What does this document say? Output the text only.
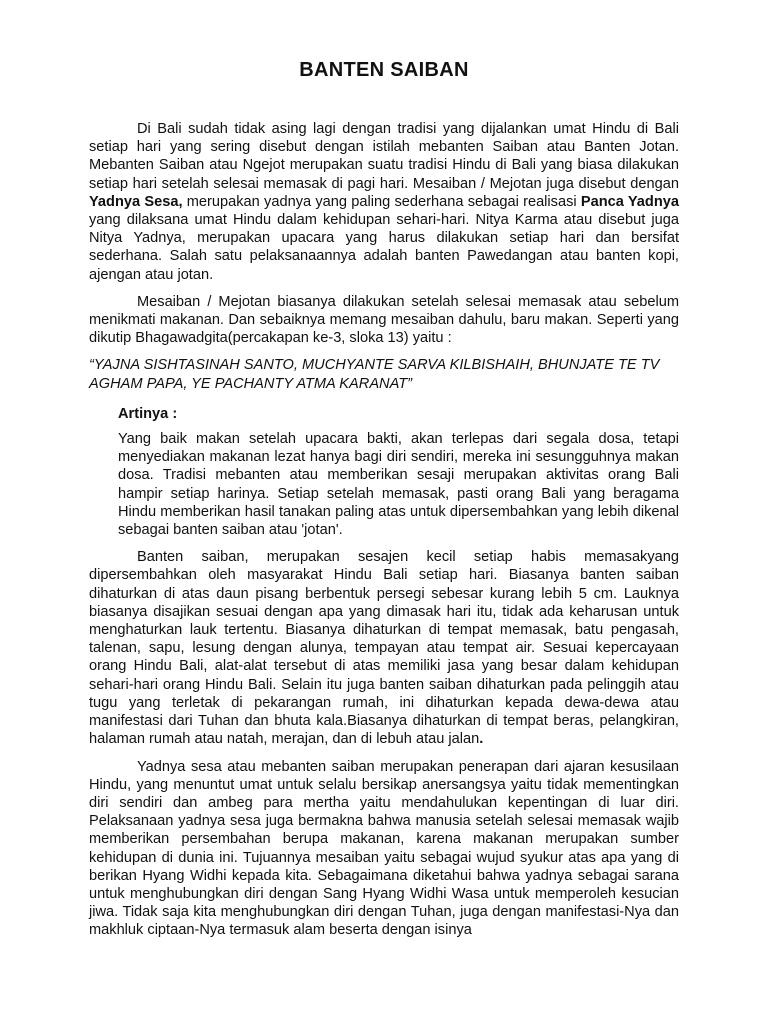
BANTEN SAIBAN

Di Bali sudah tidak asing lagi dengan tradisi yang dijalankan umat Hindu di Bali setiap hari yang sering disebut dengan istilah mebanten Saiban atau Banten Jotan. Mebanten Saiban atau Ngejot merupakan suatu tradisi Hindu di Bali yang biasa dilakukan setiap hari setelah selesai memasak di pagi hari. Mesaiban / Mejotan juga disebut dengan Yadnya Sesa, merupakan yadnya yang paling sederhana sebagai realisasi Panca Yadnya yang dilaksana umat Hindu dalam kehidupan sehari-hari. Nitya Karma atau disebut juga Nitya Yadnya, merupakan upacara yang harus dilakukan setiap hari dan bersifat sederhana. Salah satu pelaksanaannya adalah banten Pawedangan atau banten kopi, ajengan atau jotan.

Mesaiban / Mejotan biasanya dilakukan setelah selesai memasak atau sebelum menikmati makanan. Dan sebaiknya memang mesaiban dahulu, baru makan. Seperti yang dikutip Bhagawadgita(percakapan ke-3, sloka 13) yaitu :

“YAJNA SISHTASINAH SANTO, MUCHYANTE SARVA KILBISHAIH, BHUNJATE TE TV AGHAM PAPA, YE PACHANTY ATMA KARANAT”

Artinya :

Yang baik makan setelah upacara bakti, akan terlepas dari segala dosa, tetapi menyediakan makanan lezat hanya bagi diri sendiri, mereka ini sesungguhnya makan dosa. Tradisi mebanten atau memberikan sesaji merupakan aktivitas orang Bali hampir setiap harinya. Setiap setelah memasak, pasti orang Bali yang beragama Hindu memberikan hasil tanakan paling atas untuk dipersembahkan yang lebih dikenal sebagai banten saiban atau 'jotan'.

Banten saiban, merupakan sesajen kecil setiap habis memasakyang dipersembahkan oleh masyarakat Hindu Bali setiap hari. Biasanya banten saiban dihaturkan di atas daun pisang berbentuk persegi sebesar kurang lebih 5 cm. Lauknya biasanya disajikan sesuai dengan apa yang dimasak hari itu, tidak ada keharusan untuk menghaturkan lauk tertentu. Biasanya dihaturkan di tempat memasak, batu pengasah, talenan, sapu, lesung dengan alunya, tempayan atau tempat air. Sesuai kepercayaan orang Hindu Bali, alat-alat tersebut di atas memiliki jasa yang besar dalam kehidupan sehari-hari orang Hindu Bali. Selain itu juga banten saiban dihaturkan pada pelinggih atau tugu yang terletak di pekarangan rumah, ini dihaturkan kepada dewa-dewa atau manifestasi dari Tuhan dan bhuta kala.Biasanya dihaturkan di tempat beras, pelangkiran, halaman rumah atau natah, merajan, dan di lebuh atau jalan.

Yadnya sesa atau mebanten saiban merupakan penerapan dari ajaran kesusilaan Hindu, yang menuntut umat untuk selalu bersikap anersangsya yaitu tidak mementingkan diri sendiri dan ambeg para mertha yaitu mendahulukan kepentingan di luar diri. Pelaksanaan yadnya sesa juga bermakna bahwa manusia setelah selesai memasak wajib memberikan persembahan berupa makanan, karena makanan merupakan sumber kehidupan di dunia ini. Tujuannya mesaiban yaitu sebagai wujud syukur atas apa yang di berikan Hyang Widhi kepada kita. Sebagaimana diketahui bahwa yadnya sebagai sarana untuk menghubungkan diri dengan Sang Hyang Widhi Wasa untuk memperoleh kesucian jiwa. Tidak saja kita menghubungkan diri dengan Tuhan, juga dengan manifestasi-Nya dan makhluk ciptaan-Nya termasuk alam beserta dengan isinya
